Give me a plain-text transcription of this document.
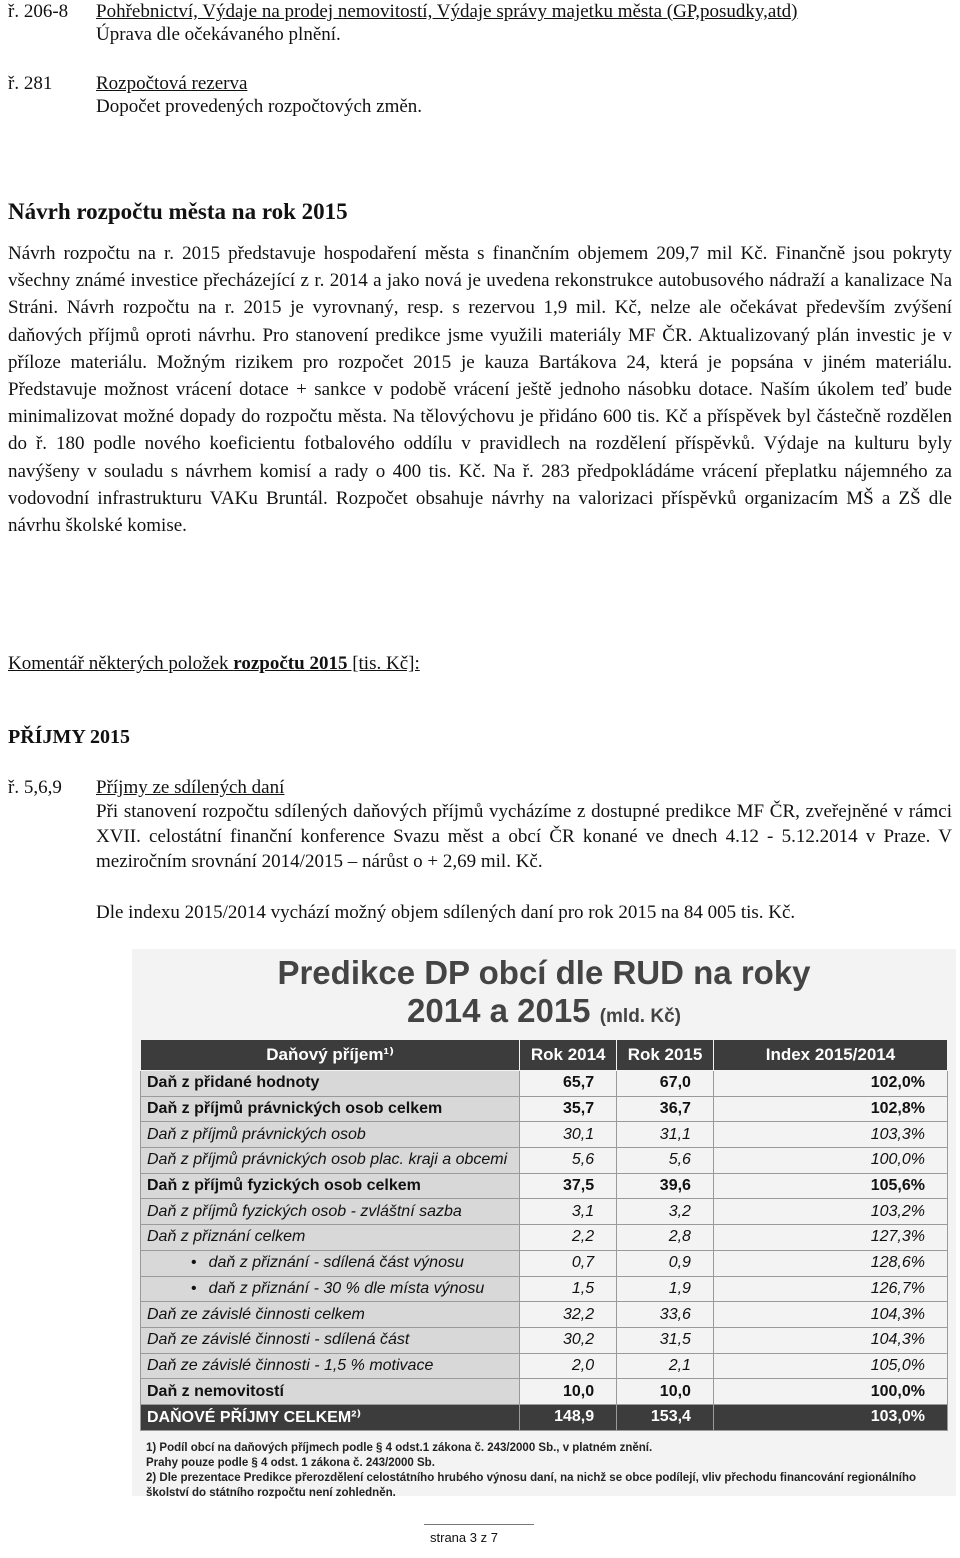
ř. 206-8 Pohřebnictví, Výdaje na prodej nemovitostí, Výdaje správy majetku města (GP,posudky,atd)
Úprava dle očekávaného plnění.
ř. 281 Rozpočtová rezerva
Dopočet provedených rozpočtových změn.
Návrh rozpočtu města na rok 2015

Návrh rozpočtu na r. 2015 představuje hospodaření města s finančním objemem 209,7 mil Kč. Finančně jsou pokryty všechny známé investice přecházející z r. 2014 a jako nová je uvedena rekonstrukce autobusového nádraží a kanalizace Na Stráni. Návrh rozpočtu na r. 2015 je vyrovnaný, resp. s rezervou 1,9 mil. Kč, nelze ale očekávat především zvýšení daňových příjmů oproti návrhu. Pro stanovení predikce jsme využili materiály MF ČR. Aktualizovaný plán investic je v příloze materiálu. Možným rizikem pro rozpočet 2015 je kauza Bartákova 24, která je popsána v jiném materiálu. Představuje možnost vrácení dotace + sankce v podobě vrácení ještě jednoho násobku dotace. Naším úkolem teď bude minimalizovat možné dopady do rozpočtu města. Na tělovýchovu je přidáno 600 tis. Kč a příspěvek byl částečně rozdělen do ř. 180 podle nového koeficientu fotbalového oddílu v pravidlech na rozdělení příspěvků. Výdaje na kulturu byly navýšeny v souladu s návrhem komisí a rady o 400 tis. Kč. Na ř. 283 předpokládáme vrácení přeplatku nájemného za vodovodní infrastrukturu VAKu Bruntál. Rozpočet obsahuje návrhy na valorizaci příspěvků organizacím MŠ a ZŠ dle návrhu školské komise.

Komentář některých položek rozpočtu 2015 [tis. Kč]:
PŘÍJMY 2015
ř. 5,6,9 Příjmy ze sdílených daní

Při stanovení rozpočtu sdílených daňových příjmů vycházíme z dostupné predikce MF ČR, zveřejněné v rámci XVII. celostátní finanční konference Svazu měst a obcí ČR konané ve dnech 4.12 - 5.12.2014 v Praze. V meziročním srovnání 2014/2015 – nárůst o + 2,69 mil. Kč.

Dle indexu 2015/2014 vychází možný objem sdílených daní pro rok 2015 na 84 005 tis. Kč.
Predikce DP obcí dle RUD na roky
2014 a 2015 (mld. Kč)
Daňový příjem¹⁾	Rok 2014	Rok 2015	Index 2015/2014
Daň z přidané hodnoty	65,7	67,0	102,0%
Daň z příjmů právnických osob celkem	35,7	36,7	102,8%
Daň z příjmů právnických osob	30,1	31,1	103,3%
Daň z příjmů právnických osob plac. kraji a obcemi	5,6	5,6	100,0%
Daň z příjmů fyzických osob celkem	37,5	39,6	105,6%
Daň z příjmů fyzických osob - zvláštní sazba	3,1	3,2	103,2%
Daň z přiznání celkem	2,2	2,8	127,3%
• daň z přiznání - sdílená část výnosu	0,7	0,9	128,6%
• daň z přiznání - 30 % dle místa výnosu	1,5	1,9	126,7%
Daň ze závislé činnosti celkem	32,2	33,6	104,3%
Daň ze závislé činnosti - sdílená část	30,2	31,5	104,3%
Daň ze závislé činnosti - 1,5 % motivace	2,0	2,1	105,0%
Daň z nemovitostí	10,0	10,0	100,0%
DAŇOVÉ PŘÍJMY CELKEM²⁾	148,9	153,4	103,0%
1) Podíl obcí na daňových příjmech podle § 4 odst.1 zákona č. 243/2000 Sb., v platném znění.
Prahy pouze podle § 4 odst. 1 zákona č. 243/2000 Sb.
2) Dle prezentace Predikce přerozdělení celostátního hrubého výnosu daní, na nichž se obce podílejí, vliv přechodu financování regionálního školství do státního rozpočtu není zohledněn.
strana 3 z 7
